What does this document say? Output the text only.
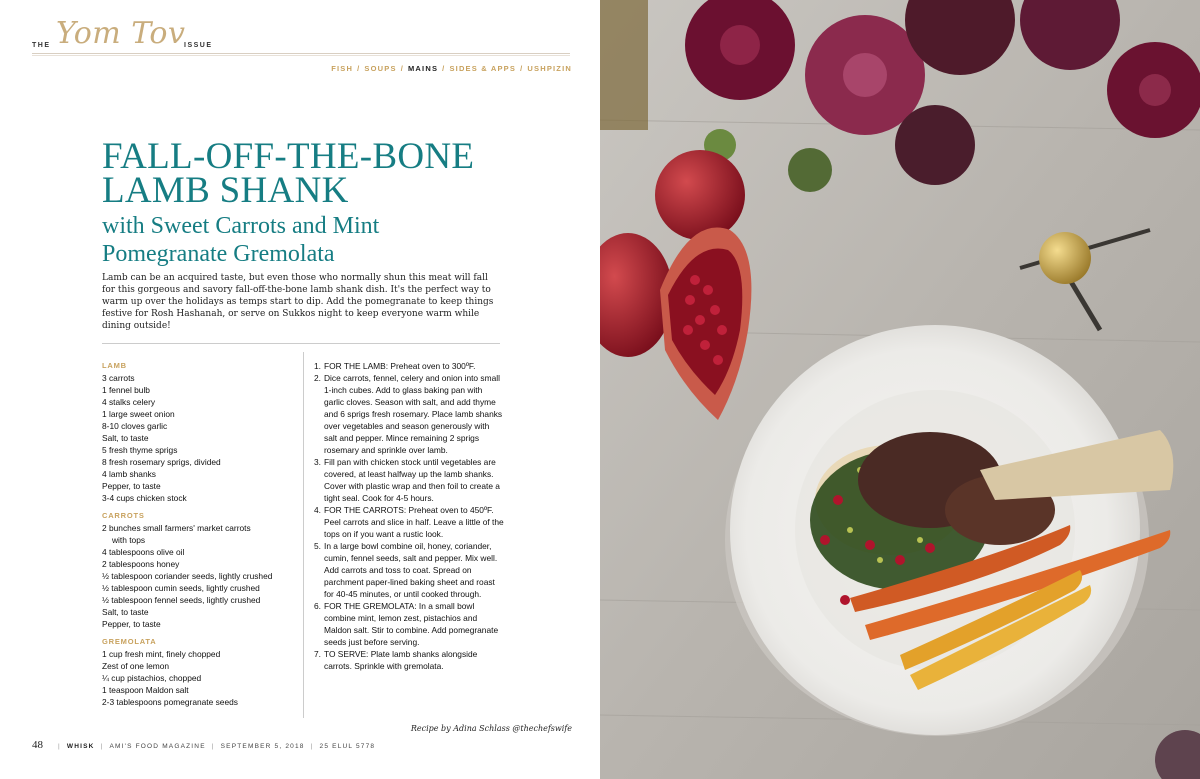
THE Yom Tov
ISSUE
FISH / SOUPS / MAINS / SIDES & APPS / USHPIZIN
FALL-OFF-THE-BONE
LAMB SHANK
with Sweet Carrots and Mint
Pomegranate Gremolata

Lamb can be an acquired taste, but even those who normally shun this meat will fall for this gorgeous and savory fall-off-the-bone lamb shank dish. It's the perfect way to warm up over the holidays as temps start to dip. Add the pomegranate to keep things festive for Rosh Hashanah, or serve on Sukkos night to keep everyone warm while dining outside!

LAMB
3 carrots
1 fennel bulb
4 stalks celery
1 large sweet onion
8-10 cloves garlic
Salt, to taste
5 fresh thyme sprigs
8 fresh rosemary sprigs, divided
4 lamb shanks
Pepper, to taste
3-4 cups chicken stock
CARROTS
2 bunches small farmers' market carrots
with tops
4 tablespoons olive oil
2 tablespoons honey
½ tablespoon coriander seeds, lightly crushed
½ tablespoon cumin seeds, lightly crushed
½ tablespoon fennel seeds, lightly crushed
Salt, to taste
Pepper, to taste
GREMOLATA
1 cup fresh mint, finely chopped
Zest of one lemon
¼ cup pistachios, chopped
1 teaspoon Maldon salt
2-3 tablespoons pomegranate seeds
1. FOR THE LAMB: Preheat oven to 300ºF.
2. Dice carrots, fennel, celery and onion into small 1-inch cubes. Add to glass baking pan with garlic cloves. Season with salt, and add thyme and 6 sprigs fresh rosemary. Place lamb shanks over vegetables and season generously with salt and pepper. Mince remaining 2 sprigs rosemary and sprinkle over lamb.
3. Fill pan with chicken stock until vegetables are covered, at least halfway up the lamb shanks. Cover with plastic wrap and then foil to create a tight seal. Cook for 4-5 hours.
4. FOR THE CARROTS: Preheat oven to 450ºF. Peel carrots and slice in half. Leave a little of the tops on if you want a rustic look.
5. In a large bowl combine oil, honey, coriander, cumin, fennel seeds, salt and pepper. Mix well. Add carrots and toss to coat. Spread on parchment paper-lined baking sheet and roast for 40-45 minutes, or until cooked through.
6. FOR THE GREMOLATA: In a small bowl combine mint, lemon zest, pistachios and Maldon salt. Stir to combine. Add pomegranate seeds just before serving.
7. TO SERVE: Plate lamb shanks alongside carrots. Sprinkle with gremolata.
Recipe by Adina Schlass @thechefswife
48 | WHISK | AMI'S FOOD MAGAZINE | SEPTEMBER 5, 2018 | 25 ELUL 5778
